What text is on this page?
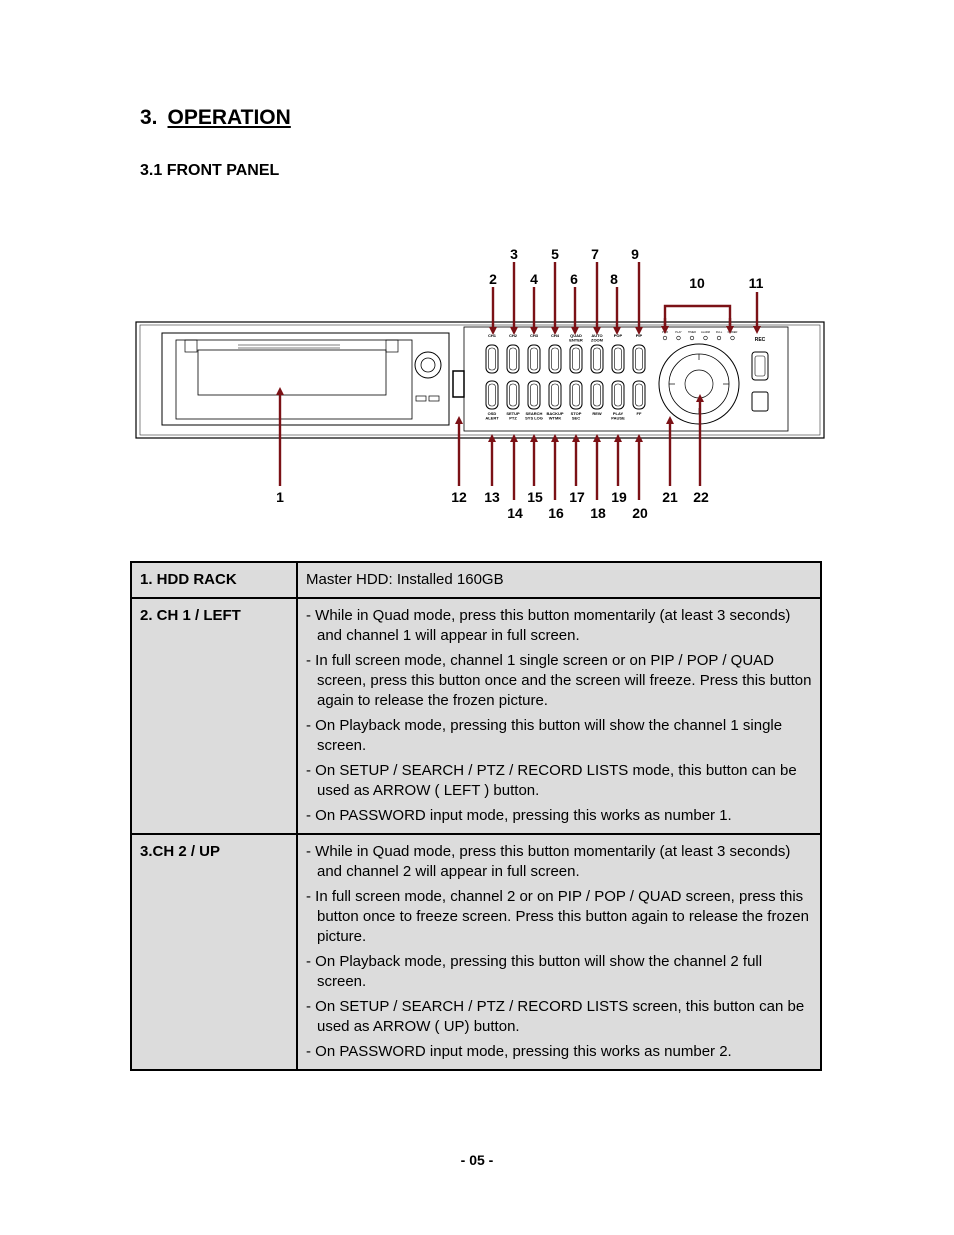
3. OPERATION
3.1 FRONT PANEL
CH1	CH2	CH3	CH4	QUAD ENTER
AUTO ZOOM
POP	PIP
OSD ALERT
SETUP PTZ
SEARCH SYS LOG
BACKUP WTMK
STOP SEC
REW	PLAY PAUSE
FF
PWR	PLAY TIMER ALARM FULL POWER
REC
2
3
4
5
6
7
8
9
10	11
1	12 13
14
15
16
17
18
19
20
21 22
1. HDD RACK	Master HDD: Installed 160GB

2. CH 1 / LEFT	- While in Quad mode, press this button momentarily (at least 3 seconds) and channel 1 will appear in full screen.
- In full screen mode, channel 1 single screen or on PIP / POP / QUAD screen, press this button once and the screen will freeze. Press this button again to release the frozen picture.
- On Playback mode, pressing this button will show the channel 1 single screen.
- On SETUP / SEARCH / PTZ / RECORD LISTS mode, this button can be used as ARROW ( LEFT ) button.
- On PASSWORD input mode, pressing this works as number 1.

3.CH 2 / UP	- While in Quad mode, press this button momentarily (at least 3 seconds) and channel 2 will appear in full screen.
- In full screen mode, channel 2 or on PIP / POP / QUAD screen, press this button once to freeze screen. Press this button again to release the frozen picture.
- On Playback mode, pressing this button will show the channel 2 full screen.
- On SETUP / SEARCH / PTZ / RECORD LISTS screen, this button can be used as ARROW ( UP) button.
- On PASSWORD input mode, pressing this works as number 2.
- 05 -
